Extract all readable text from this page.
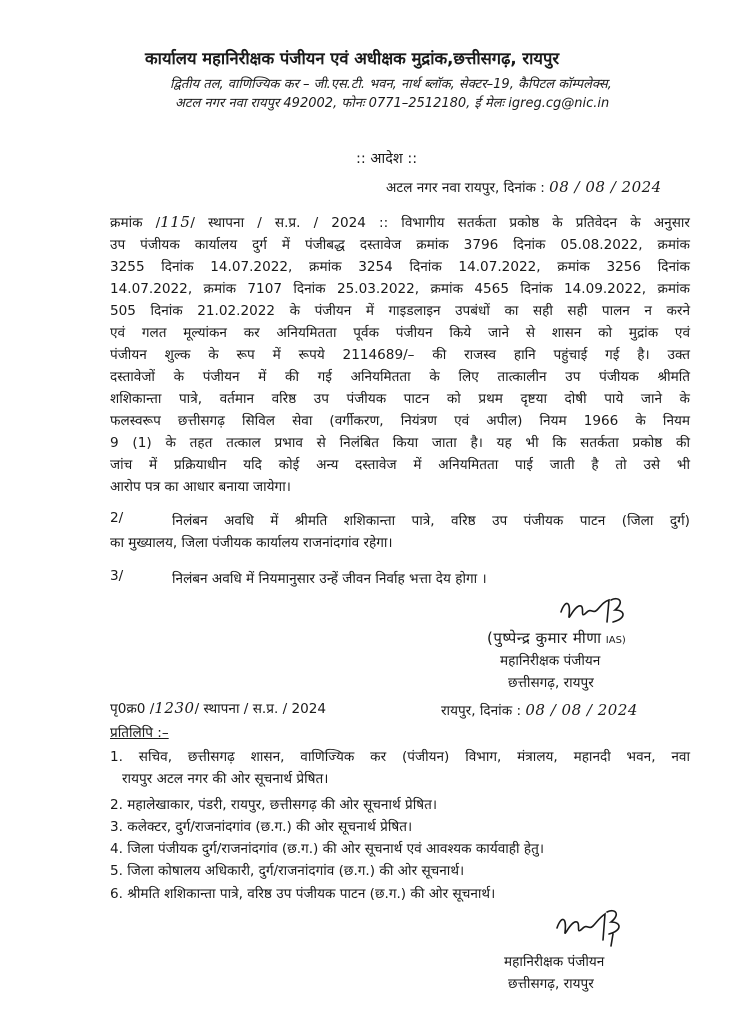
कार्यालय महानिरीक्षक पंजीयन एवं अधीक्षक मुद्रांक,छत्तीसगढ़, रायपुर
द्वितीय तल, वाणिज्यिक कर – जी.एस.टी. भवन, नार्थ ब्लॉक, सेक्टर–19, कैपिटल कॉम्पलेक्स,
अटल नगर नवा रायपुर 492002, फोनः 0771–2512180, ई मेलः igreg.cg@nic.in
:: आदेश ::
अटल नगर नवा रायपुर, दिनांक : 08 / 08 / 2024
क्रमांक /115/ स्थापना / स.प्र. / 2024 :: विभागीय सतर्कता प्रकोष्ठ के प्रतिवेदन के अनुसार
उप पंजीयक कार्यालय दुर्ग में पंजीबद्ध दस्तावेज क्रमांक 3796 दिनांक 05.08.2022, क्रमांक
3255 दिनांक 14.07.2022, क्रमांक 3254 दिनांक 14.07.2022, क्रमांक 3256 दिनांक
14.07.2022, क्रमांक 7107 दिनांक 25.03.2022, क्रमांक 4565 दिनांक 14.09.2022, क्रमांक
505 दिनांक 21.02.2022 के पंजीयन में गाइडलाइन उपबंधों का सही सही पालन न करने
एवं गलत मूल्यांकन कर अनियमितता पूर्वक पंजीयन किये जाने से शासन को मुद्रांक एवं
पंजीयन शुल्क के रूप में रूपये 2114689/– की राजस्व हानि पहुंचाई गई है। उक्त
दस्तावेजों के पंजीयन में की गई अनियमितता के लिए तात्कालीन उप पंजीयक श्रीमति
शशिकान्ता पात्रे, वर्तमान वरिष्ठ उप पंजीयक पाटन को प्रथम दृष्टया दोषी पाये जाने के
फलस्वरूप छत्तीसगढ़ सिविल सेवा (वर्गीकरण, नियंत्रण एवं अपील) नियम 1966 के नियम
9 (1) के तहत तत्काल प्रभाव से निलंबित किया जाता है। यह भी कि सतर्कता प्रकोष्ठ की
जांच में प्रक्रियाधीन यदि कोई अन्य दस्तावेज में अनियमितता पाई जाती है तो उसे भी
आरोप पत्र का आधार बनाया जायेगा।
2/	निलंबन अवधि में श्रीमति शशिकान्ता पात्रे, वरिष्ठ उप पंजीयक पाटन (जिला दुर्ग)
का मुख्यालय, जिला पंजीयक कार्यालय राजनांदगांव रहेगा।
3/	निलंबन अवधि में नियमानुसार उन्हें जीवन निर्वाह भत्ता देय होगा ।
(पुष्पेन्द्र कुमार मीणा IAS)
महानिरीक्षक पंजीयन
छत्तीसगढ़, रायपुर
पृ0क्र0 /1230/ स्थापना / स.प्र. / 2024	रायपुर, दिनांक : 08 / 08 / 2024
प्रतिलिपि :–
1. सचिव, छत्तीसगढ़ शासन, वाणिज्यिक कर (पंजीयन) विभाग, मंत्रालय, महानदी भवन, नवा
रायपुर अटल नगर की ओर सूचनार्थ प्रेषित।
2. महालेखाकार, पंडरी, रायपुर, छत्तीसगढ़ की ओर सूचनार्थ प्रेषित।
3. कलेक्टर, दुर्ग/राजनांदगांव (छ.ग.) की ओर सूचनार्थ प्रेषित।
4. जिला पंजीयक दुर्ग/राजनांदगांव (छ.ग.) की ओर सूचनार्थ एवं आवश्यक कार्यवाही हेतु।
5. जिला कोषालय अधिकारी, दुर्ग/राजनांदगांव (छ.ग.) की ओर सूचनार्थ।
6. श्रीमति शशिकान्ता पात्रे, वरिष्ठ उप पंजीयक पाटन (छ.ग.) की ओर सूचनार्थ।
महानिरीक्षक पंजीयन
छत्तीसगढ़, रायपुर
